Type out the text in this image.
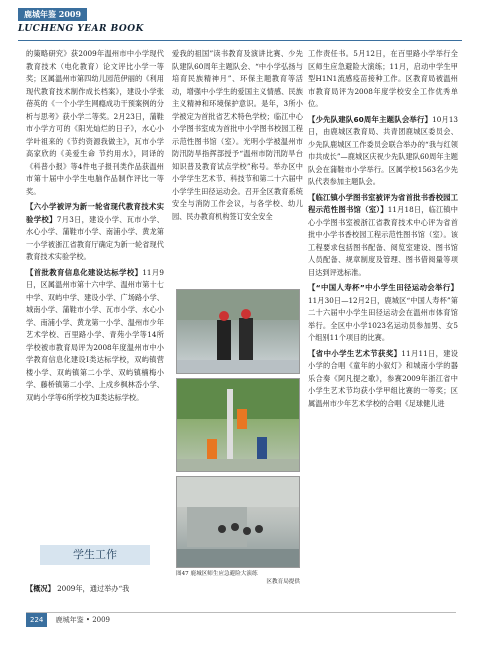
鹿城年鉴 2009
LUCHENG YEAR BOOK

的策略研究》获2009年温州市中小学现代教育技术（电化教育）论文评比小学一等奖；区属温州市第四幼儿园范伊丽的《利用现代教育技术制作成长档案》，建设小学张蓓英的《一个小学生网瘾成功干预案例的分析与思考》获小学二等奖。2月23日，蒲鞋市小学方可的《阳光灿烂的日子》，水心小学叶祖来的《节约资源我做主》，瓦市小学高家欣的《美爱生命 节约用水》，同译的《科普小报》等4件电子报刊类作品获温州市第十届中小学生电脑作品制作评比一等奖。

【六小学被评为新一轮省现代教育技术实验学校】7月3日，建设小学、瓦市小学、水心小学、蒲鞋市小学、南浦小学、黄龙第一小学被浙江省教育厅确定为新一轮省现代教育技术实验学校。

【首批教育信息化建设达标学校】11月9日，区属温州市第十六中学、温州市第十七中学、双屿中学、建设小学、广场路小学、城南小学、蒲鞋市小学、瓦市小学、水心小学、南浦小学、黄龙第一小学、温州市少年艺术学校、百里路小学、青苑小学等14所学校被市教育局评为2008年度温州市中小学教育信息化建设Ⅰ类达标学校，双屿镇营楼小学、双屿镇第二小学、双屿镇楠梅小学、藤桥镇第二小学、上戍乡枫林岙小学、双屿小学等6所学校为Ⅱ类达标学校。

学生工作
【概况】 2009年，通过举办“我

爱我的祖国”读书教育及演讲比赛、少先队建队60周年主题队会、“中小学弘扬与培育民族精神月”、环保主题教育等活动，增强中小学生的爱国主义情感、民族主义精神和环境保护意识。是年，3所小学被定为首批省艺术特色学校；临江中心小学图书室成为首批中小学图书校园工程示范性图书馆（室）。光明小学被温州市防汛防旱指挥部授予“温州市防汛防旱台知识普及教育试点学校”称号。举办区中小学学生艺术节、科技节和第二十六届中小学学生田径运动会。召开全区教育系统安全与消防工作会议，与各学校、幼儿园、民办教育机构签订安全安全

图47 鹿城区师生应急避险大演练
区教育局提供

工作责任书。5月12日，在百里路小学举行全区师生应急避险大演练；11月，启动中学生甲型H1N1流感疫苗接种工作。区教育局被温州市教育局评为2008年度学校安全工作优秀单位。

【少先队建队60周年主题队会举行】10月13日，由鹿城区教育局、共青团鹿城区委员会、少先队鹿城区工作委员会联合举办的“我与红领巾共成长”—鹿城区庆祝少先队建队60周年主题队会在蒲鞋市小学举行。区属学校1563名少先队代表参加主题队会。

【临江镇小学图书室被评为省首批书香校园工程示范性图书馆（室）】11月18日，临江镇中心小学图书室被浙江省教育技术中心评为省首批中小学书香校园工程示范性图书馆（室）。该工程要求包括图书配备、阅览室建设、图书馆人员配备、规章制度及管理、图书借阅量等项目达到评选标准。

【“中国人寿杯”中小学生田径运动会举行】11月30日—12月2日，鹿城区“中国人寿杯”第二十六届中小学生田径运动会在温州市体育馆举行。全区中小学1023名运动员参加男、女5个组别11个项目的比赛。

【省中小学生艺术节获奖】11月11日，建设小学的合唱《童年的小叙灯》和城南小学的器乐合奏《阿凡提之歌》，参赛2009年浙江省中小学生艺术节均获小学甲组比赛的一等奖；区属温州市少年艺术学校的合唱《足球健儿进

224 鹿城年鉴 • 2009
